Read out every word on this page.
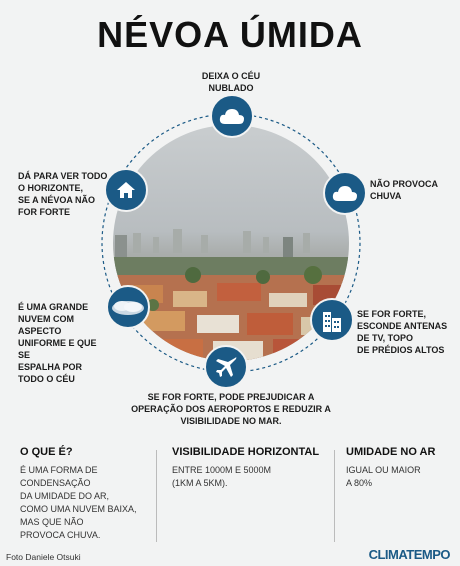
NÉVOA ÚMIDA
DEIXA O CÉU
NUBLADO
NÃO PROVOCA
CHUVA
SE FOR FORTE,
ESCONDE ANTENAS
DE TV, TOPO
DE PRÉDIOS ALTOS
SE FOR FORTE, PODE PREJUDICAR A
OPERAÇÃO DOS AEROPORTOS E REDUZIR A
VISIBILIDADE NO MAR.
É UMA GRANDE
NUVEM COM
ASPECTO
UNIFORME E QUE SE
ESPALHA POR
TODO O CÉU
DÁ PARA VER TODO
O HORIZONTE,
SE A NÉVOA NÃO
FOR FORTE
O QUE É?

É UMA FORMA DE

CONDENSAÇÃO

DA UMIDADE DO AR,

COMO UMA NUVEM BAIXA,

MAS QUE NÃO

PROVOCA CHUVA.

VISIBILIDADE HORIZONTAL

ENTRE 1000M E 5000M

(1KM A 5KM).

UMIDADE NO AR

IGUAL OU MAIOR

A 80%

Foto Daniele Otsuki	CLIMATEMPO
